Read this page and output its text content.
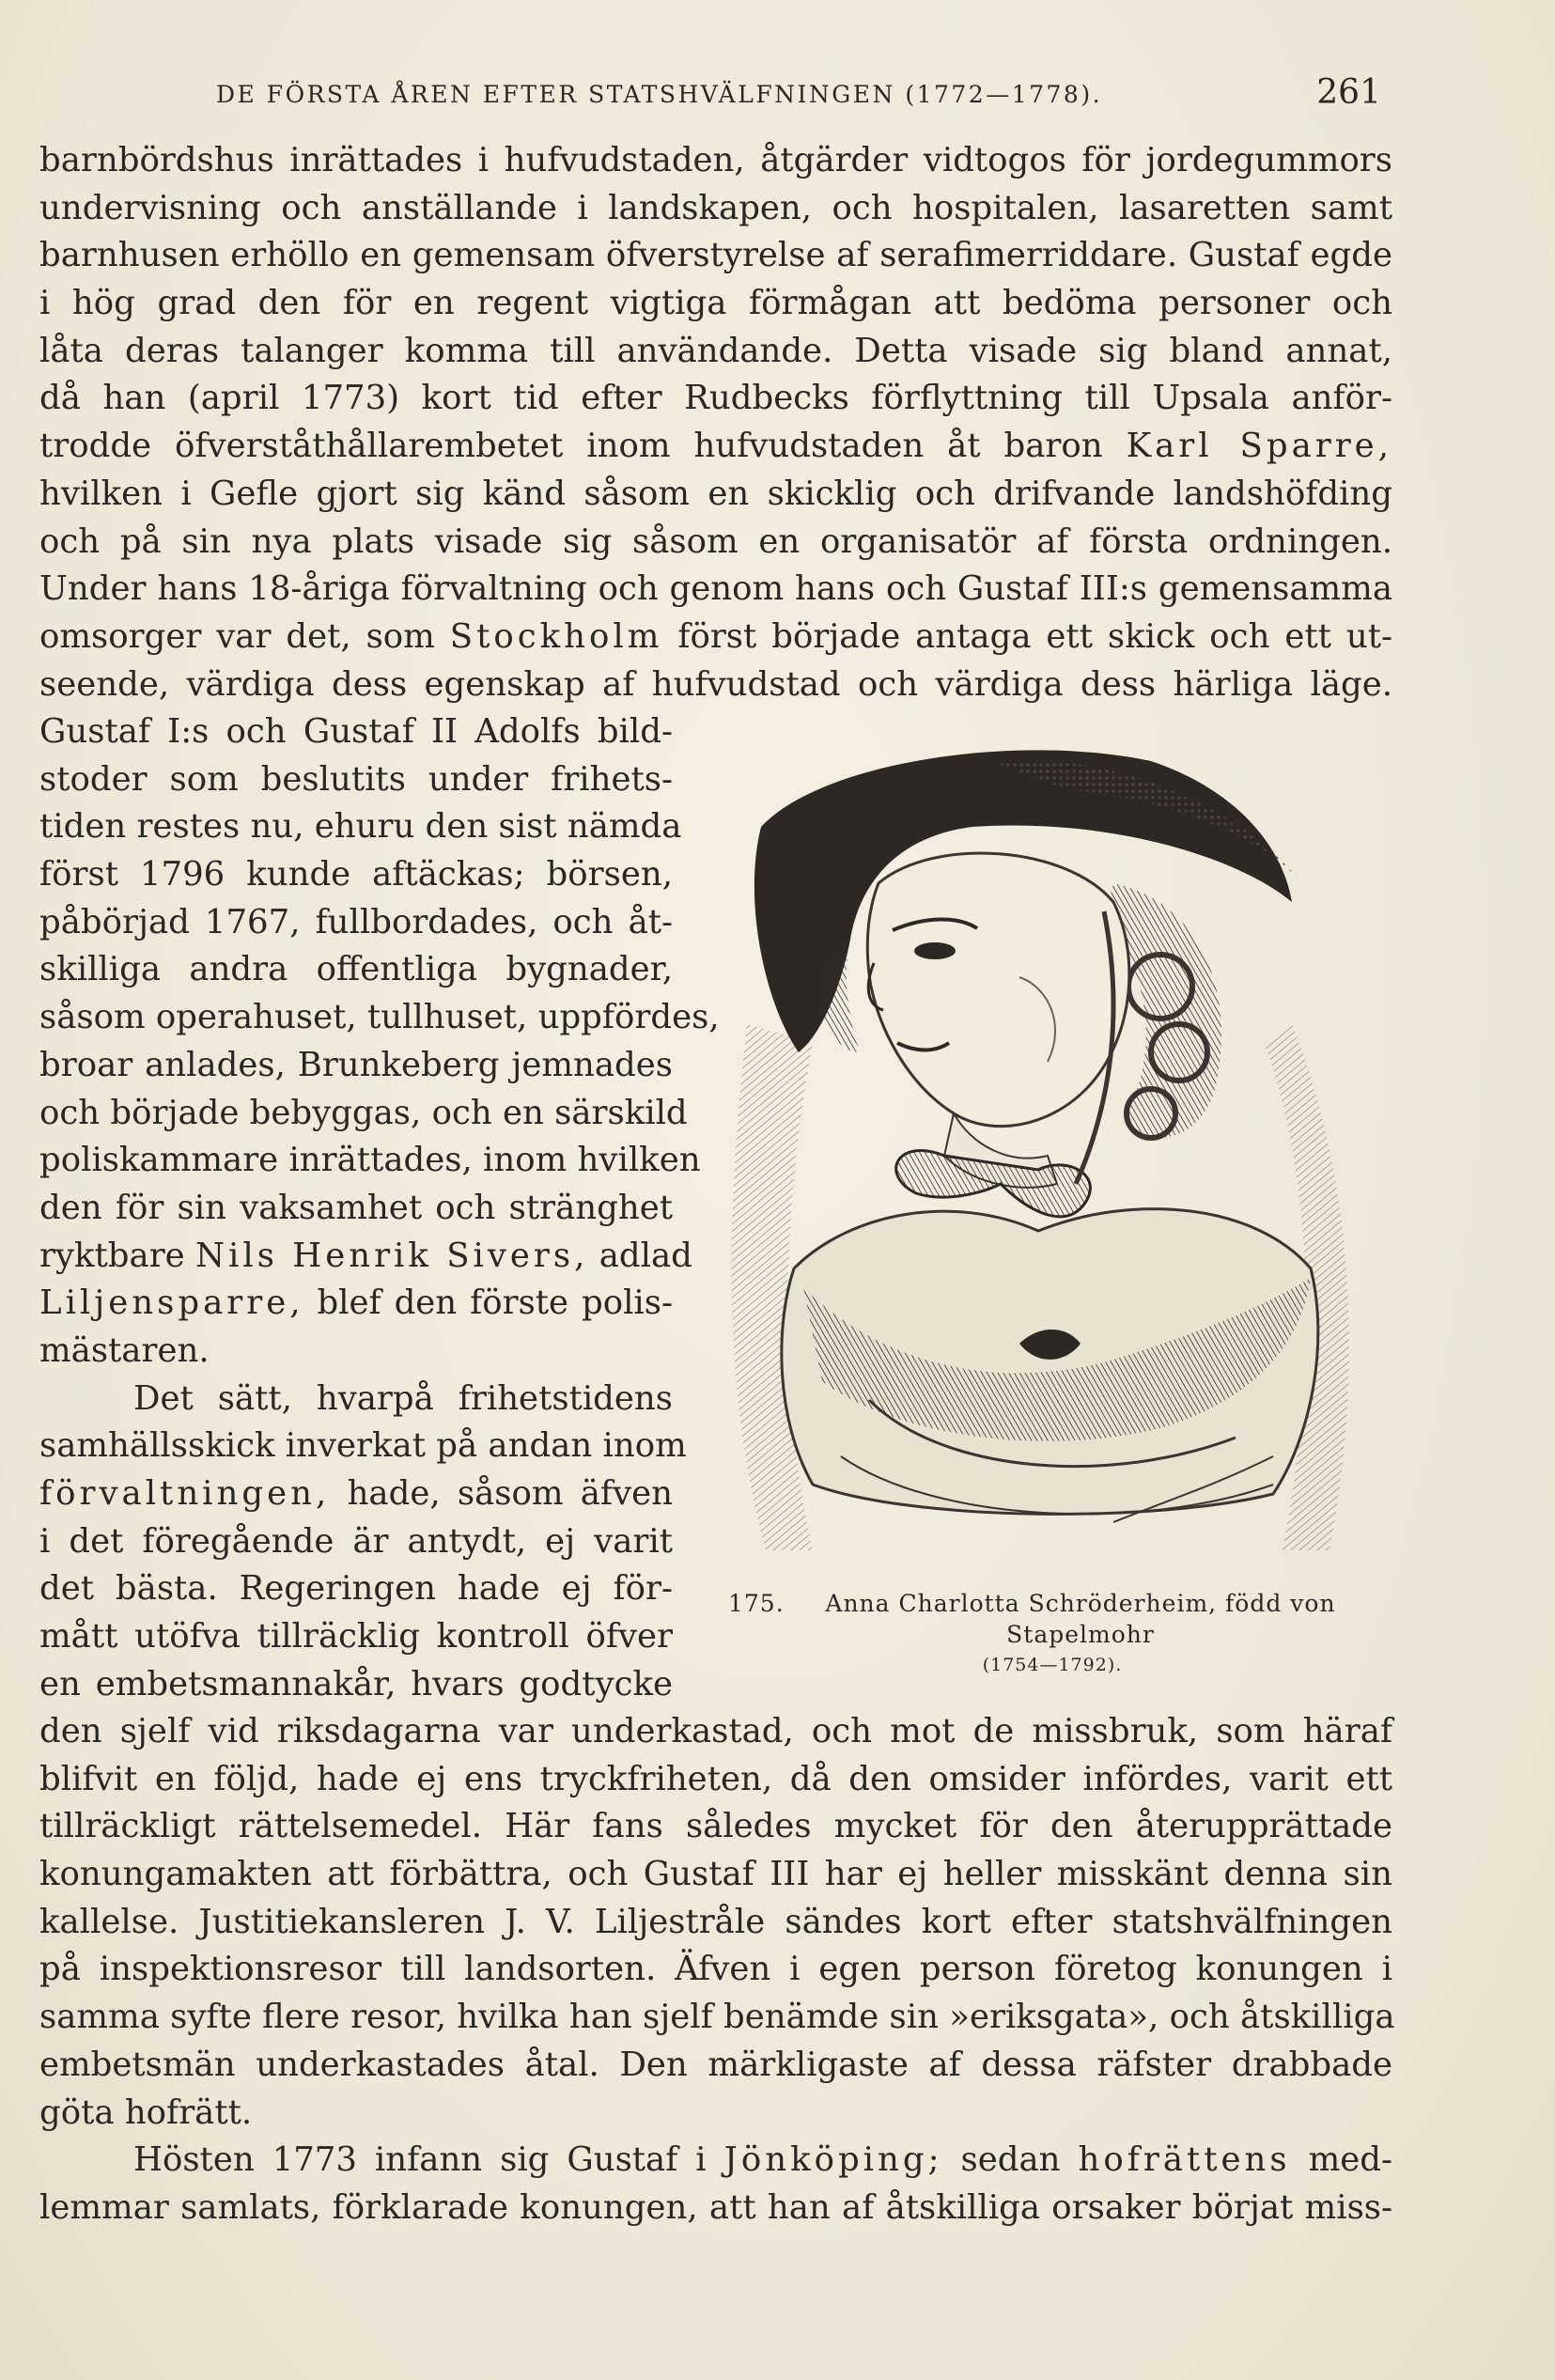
DE FÖRSTA ÅREN EFTER STATSHVÄLFNINGEN (1772—1778).	261
barnbördshus inrättades i hufvudstaden, åtgärder vidtogos för jordegummors
undervisning och anställande i landskapen, och hospitalen, lasaretten samt
barnhusen erhöllo en gemensam öfverstyrelse af serafimerriddare. Gustaf egde
i hög grad den för en regent vigtiga förmågan att bedöma personer och
låta deras talanger komma till användande. Detta visade sig bland annat,
då han (april 1773) kort tid efter Rudbecks förflyttning till Upsala anför-
trodde öfverståthållarembetet inom hufvudstaden åt baron Karl Sparre,
hvilken i Gefle gjort sig känd såsom en skicklig och drifvande landshöfding
och på sin nya plats visade sig såsom en organisatör af första ordningen.
Under hans 18-åriga förvaltning och genom hans och Gustaf III:s gemensamma
omsorger var det, som Stockholm först började antaga ett skick och ett ut-
seende, värdiga dess egenskap af hufvudstad och värdiga dess härliga läge.
Gustaf I:s och Gustaf II Adolfs bild-
stoder som beslutits under frihets-
tiden restes nu, ehuru den sist nämda
först 1796 kunde aftäckas; börsen,
påbörjad 1767, fullbordades, och åt-
skilliga andra offentliga bygnader,
såsom operahuset, tullhuset, uppfördes,
broar anlades, Brunkeberg jemnades
och började bebyggas, och en särskild
poliskammare inrättades, inom hvilken
den för sin vaksamhet och stränghet
ryktbare Nils Henrik Sivers, adlad
Liljensparre, blef den förste polis-
mästaren.
Det sätt, hvarpå frihetstidens
samhällsskick inverkat på andan inom
förvaltningen, hade, såsom äfven
i det föregående är antydt, ej varit
det bästa. Regeringen hade ej för-
mått utöfva tillräcklig kontroll öfver
en embetsmannakår, hvars godtycke
175.	Anna Charlotta Schröderheim, född von Stapelmohr
(1754—1792).
den sjelf vid riksdagarna var underkastad, och mot de missbruk, som häraf
blifvit en följd, hade ej ens tryckfriheten, då den omsider infördes, varit ett
tillräckligt rättelsemedel. Här fans således mycket för den återupprättade
konungamakten att förbättra, och Gustaf III har ej heller misskänt denna sin
kallelse. Justitiekansleren J. V. Liljestråle sändes kort efter statshvälfningen
på inspektionsresor till landsorten. Äfven i egen person företog konungen i
samma syfte flere resor, hvilka han sjelf benämde sin »eriksgata», och åtskilliga
embetsmän underkastades åtal. Den märkligaste af dessa räfster drabbade
göta hofrätt.
Hösten 1773 infann sig Gustaf i Jönköping; sedan hofrättens med-
lemmar samlats, förklarade konungen, att han af åtskilliga orsaker börjat miss-
